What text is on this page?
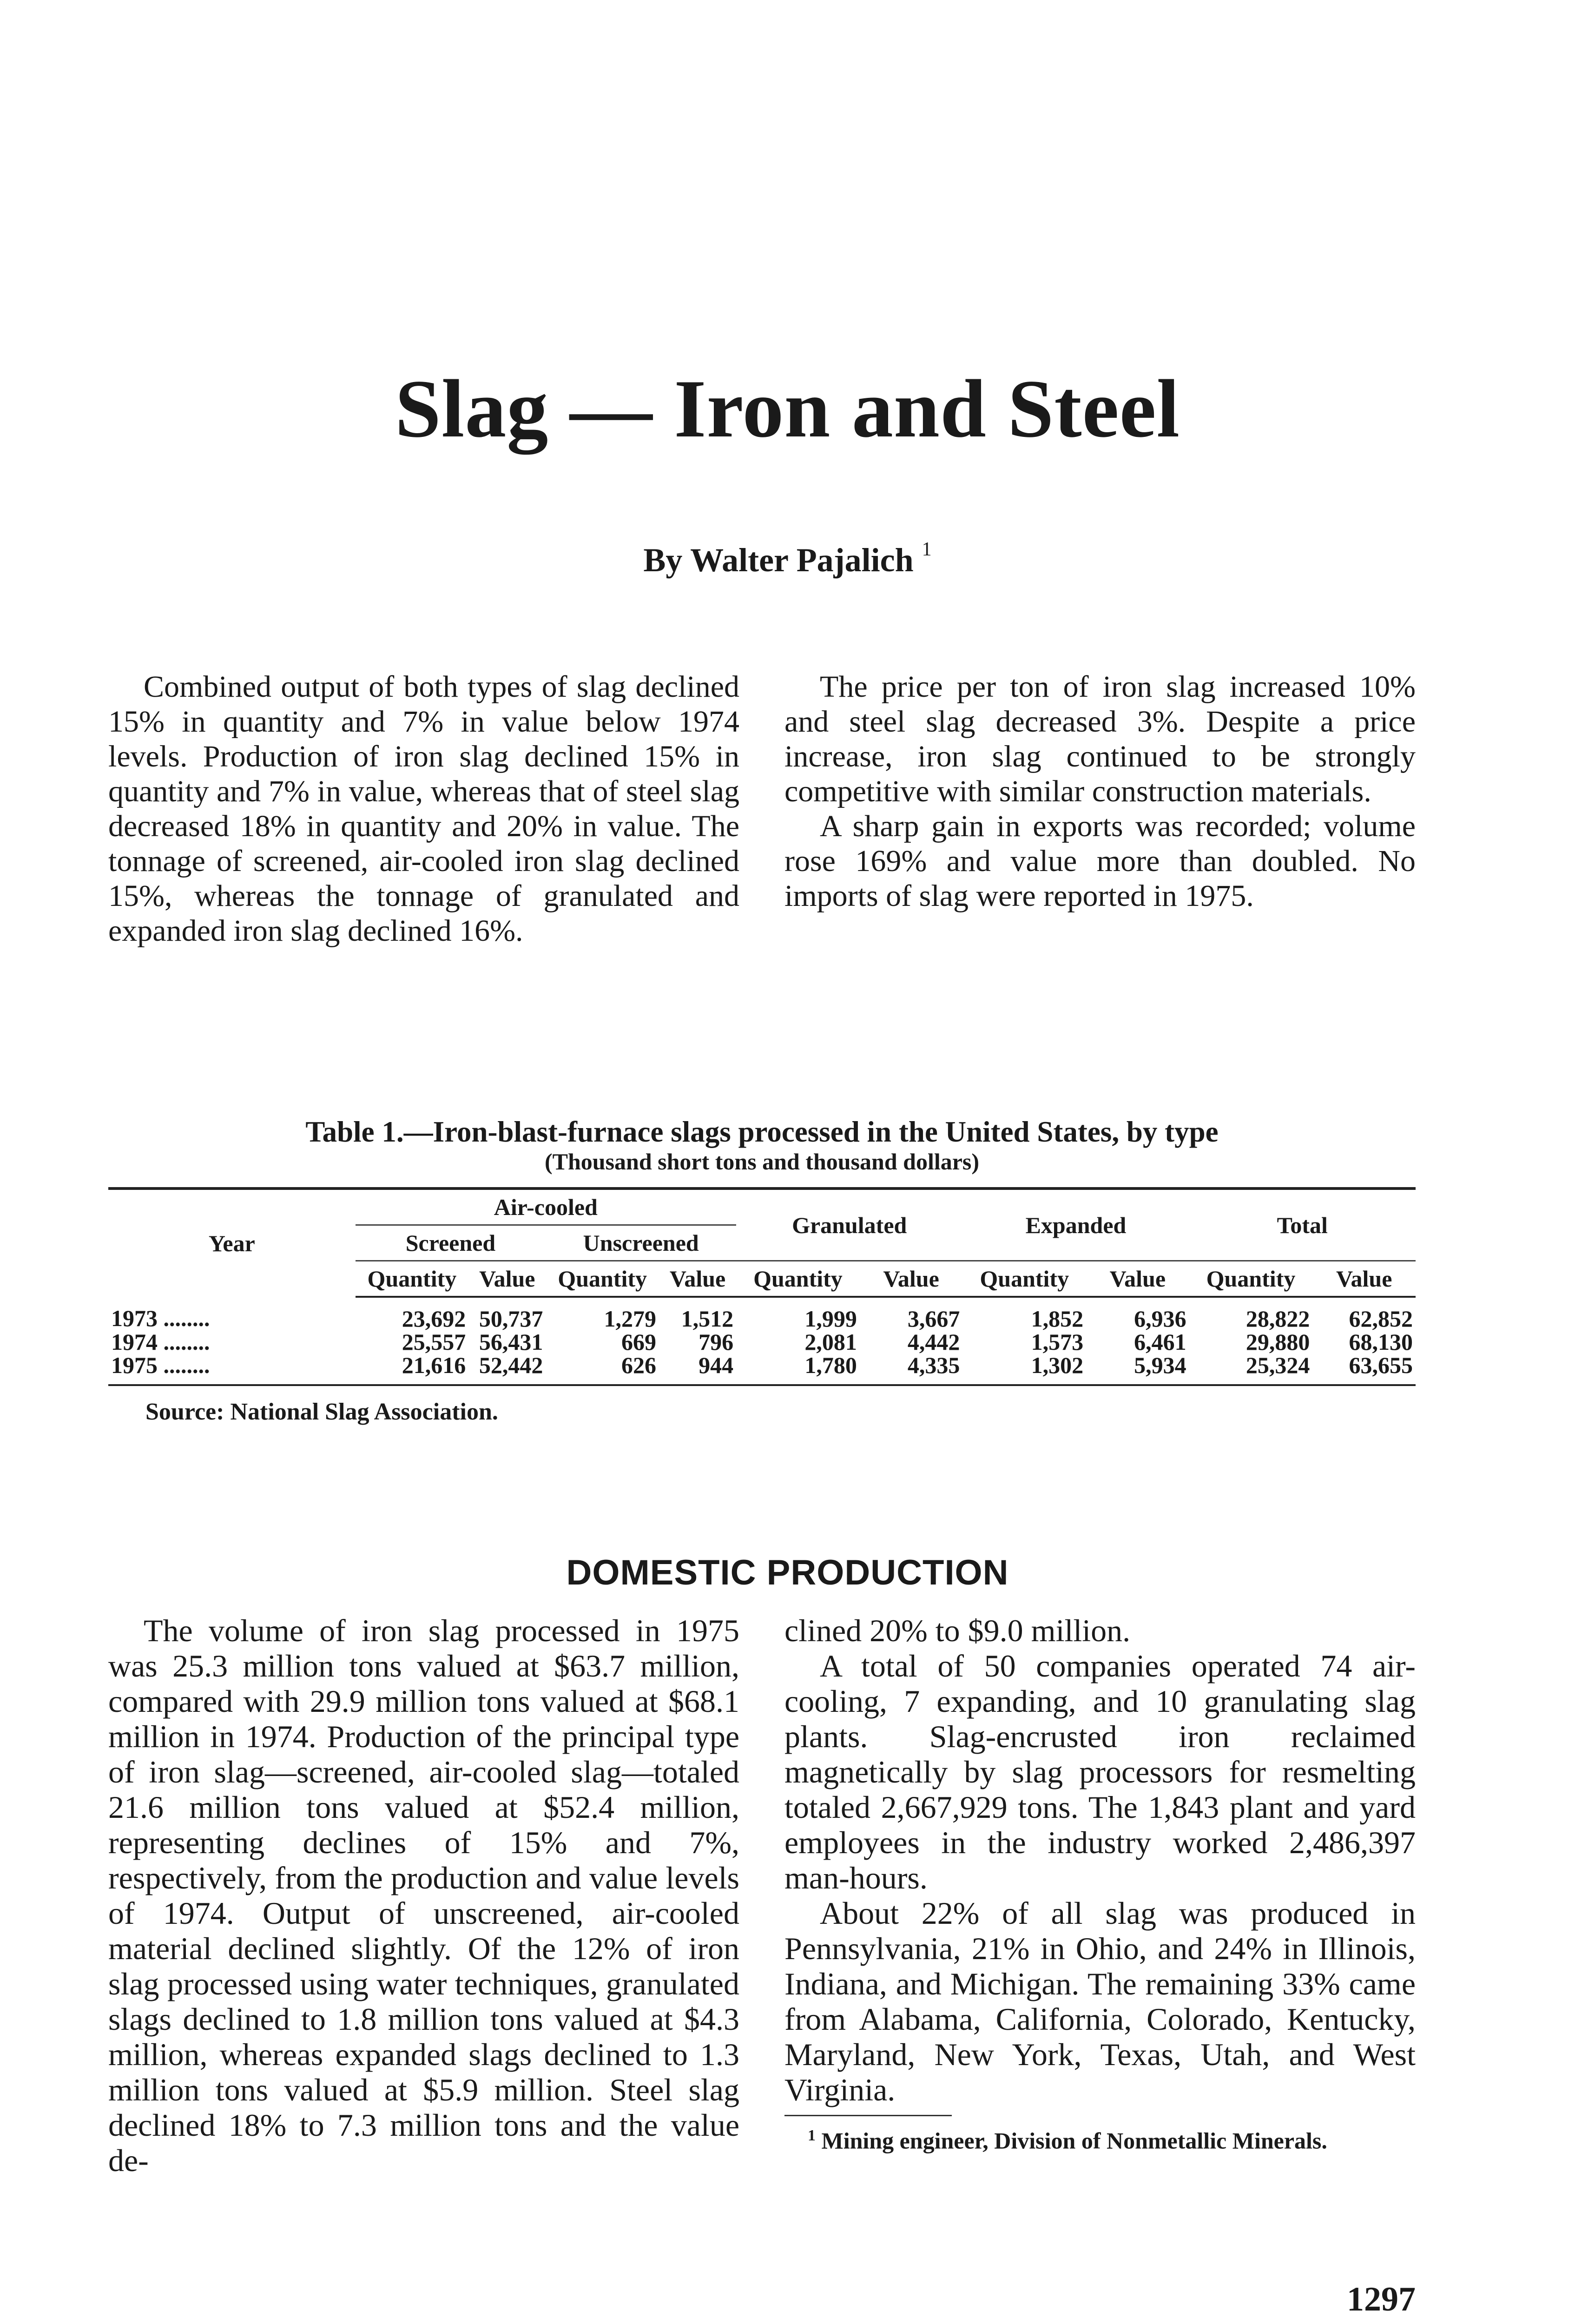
Slag — Iron and Steel
By Walter Pajalich $^1$

Combined output of both types of slag declined 15% in quantity and 7% in value below 1974 levels. Production of iron slag declined 15% in quantity and 7% in value, whereas that of steel slag decreased 18% in quantity and 20% in value. The tonnage of screened, air-cooled iron slag declined 15%, whereas the tonnage of granulated and expanded iron slag declined 16%.

The price per ton of iron slag increased 10% and steel slag decreased 3%. Despite a price increase, iron slag continued to be strongly competitive with similar construction materials.

A sharp gain in exports was recorded; volume rose 169% and value more than doubled. No imports of slag were reported in 1975.

Table 1.—Iron-blast-furnace slags processed in the United States, by type
(Thousand short tons and thousand dollars)
Year	Air-cooled				Granulated		Expanded		Total	
	Screened		Unscreened							
	Quantity	Value	Quantity	Value	Quantity	Value	Quantity	Value	Quantity	Value
1973 ........	23,692	50,737	1,279	1,512	1,999	3,667	1,852	6,936	28,822	62,852
1974 ........	25,557	56,431	669	796	2,081	4,442	1,573	6,461	29,880	68,130
1975 ........	21,616	52,442	626	944	1,780	4,335	1,302	5,934	25,324	63,655
Source: National Slag Association.
DOMESTIC PRODUCTION

The volume of iron slag processed in 1975 was 25.3 million tons valued at $63.7 million, compared with 29.9 million tons valued at $68.1 million in 1974. Production of the principal type of iron slag—screened, air-cooled slag—totaled 21.6 million tons valued at $52.4 million, representing declines of 15% and 7%, respectively, from the production and value levels of 1974. Output of unscreened, air-cooled material declined slightly. Of the 12% of iron slag processed using water techniques, granulated slags declined to 1.8 million tons valued at $4.3 million, whereas expanded slags declined to 1.3 million tons valued at $5.9 million. Steel slag declined 18% to 7.3 million tons and the value de-

clined 20% to $9.0 million.

A total of 50 companies operated 74 air-cooling, 7 expanding, and 10 granulating slag plants. Slag-encrusted iron reclaimed magnetically by slag processors for resmelting totaled 2,667,929 tons. The 1,843 plant and yard employees in the industry worked 2,486,397 man-hours.

About 22% of all slag was produced in Pennsylvania, 21% in Ohio, and 24% in Illinois, Indiana, and Michigan. The remaining 33% came from Alabama, California, Colorado, Kentucky, Maryland, New York, Texas, Utah, and West Virginia.

$^1$ Mining engineer, Division of Nonmetallic Minerals.
1297
